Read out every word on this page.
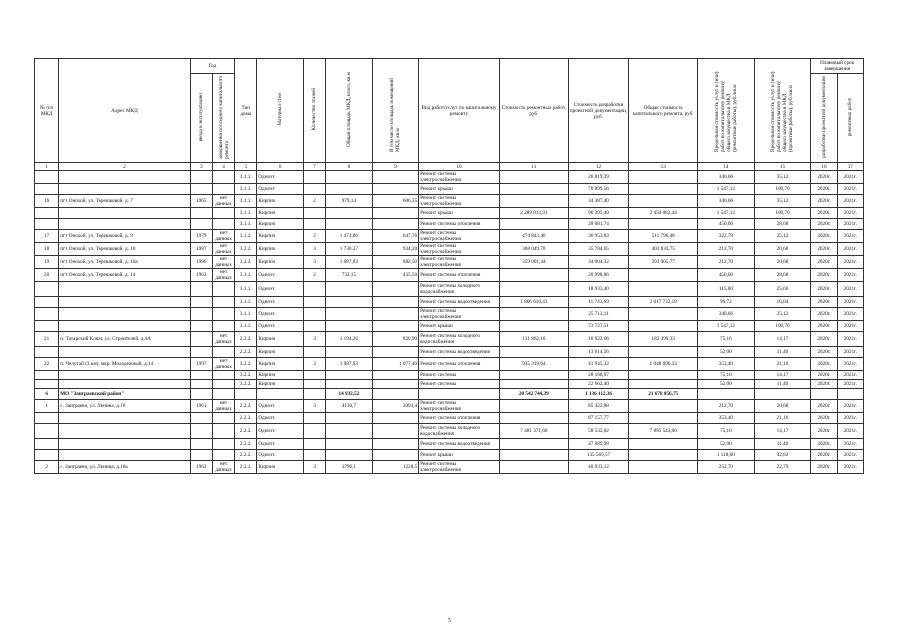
№ п/п МКД	Адрес МКД	Год		Тип дома	Материал стен	Количество этажей	Общая площадь МКД, всего, кв.м	В том числе площадь помещений МКД, кв.м	Вид работ/услуг по капитальному ремонту	Стоимость ремонтных работ, руб.	Стоимость разработки проектной документации, руб.	Общая стоимость капитального ремонта, руб.	Предельная стоимость услуг и (или) работ по капитальному ремонту общего имущества в МКД (ремонтные работы), руб./кв.м	Предельная стоимость услуг и (или) работ по капитальному ремонту общего имущества в МКД (проектные работы), руб./кв.м	Плановый срок завершения	
		ввода в эксплуатацию	завершения последнего капитального ремонта												разработки проектной документации	ремонтных работ
1	2	3	4	5	6	7	8	9	10	11	12	13	14	15	16	17
				3.1.1.	Одноэт.				Ремонт системы электроснабжения		26 819,39		340,66	35,12	2020г.	2021г.
				3.1.1.	Одноэт.				Ремонт крыши		76 899,56		1 547,12	100,70	2020г.	2021г.
16	пгт Онохой, ул. Терешковой, д. 7	1965	нет данных	3.1.1.	Кирпич	2	979,14	606,35	Ремонт системы электроснабжения		34 387,40		340,66	35,12	2020г.	2021г.
				3.1.1.	Кирпич				Ремонт крыши	2 289 013,91	96 395,40	2 450 082,44	1 547,12	100,70	2020г.	2021г.
				3.1.1.	Кирпич				Ремонт системы отопления		28 081,74		450,00	28,68	2020г.	2021г.
17	пгт Онохой, ул. Терешковой, д. 9	1979	нет данных	3.1.2.	Кирпич	2	1 471,06	647,76	Ремонт системы электроснабжения	474 843,46	36 953,03	511 796,48	322,79	25,12	2020г.	2021г.
18	пгт Онохой, ул. Терешковой, д. 10	1987	нет данных	3.2.2.	Кирпич	3	1 730,37	934,20	Ремонт системы электроснабжения	368 049,70	35 784,05	403 833,75	212,70	20,68	2020г.	2021г.
19	пгт Онохой, ул. Терешковой, д. 10а	1990	нет данных	3.2.2.	Кирпич	3	1 687,83	882,50	Ремонт системы электроснабжения	359 001,44	34 904,32	393 905,77	212,70	20,68	2020г.	2021г.
20	пгт Онохой, ул. Терешковой, д. 14	1963	нет данных	3.1.1.	Одноэт.	2	732,15	435,50	Ремонт системы отопления		20 998,06		450,00	28,68	2020г.	2021г.
				3.1.1.	Одноэт.				Ремонт системы холодного водоснабжения		18 933,40		115,00	25,66	2020г.	2021г.
				3.1.1.	Одноэт.				Ремонт системы водоотведения	1 866 616,43	11 743,69	2 017 732,19	96,72	16,04	2020г.	2021г.
				3.1.1.	Одноэт.				Ремонт системы электроснабжения		25 713,11		340,66	35,12	2020г.	2021г.
				3.1.1.	Одноэт.				Ремонт крыши		73 727,51		1 547,12	100,70	2020г.	2021г.
21	п. Татарский Ключ, ул. Строителей, д.4А		нет данных	2.2.2.	Кирпич	3	1 194,26	820,90	Ремонт системы холодного водоснабжения	131 862,10	16 922,66	182 399,33	75,16	14,17	2020г.	2021г.
				2.2.2.	Кирпич				Ремонт системы водоотведения		13 614,56		52,00	11,40	2020г.	2021г.
22	п. Челутай (3 км), мкр. Молодежный, д.14	1997	нет данных	3.2.2.	Кирпич	3	1 987,93	1 077,40	Ремонт системы отопления	935 319,64	41 945,32	1 048 096,33	353,40	21,10	2020г.	2021г.
				3.2.2.	Кирпич				Ремонт системы		28 168,97		75,16	14,17	2020г.	2021г.
				3.2.2.	Кирпич				Ремонт системы		22 662,40		52,00	11,40	2020г.	2021г.
6	МО "Заиграевский район"						14 932,52			20 542 744,39	1 136 112,36	21 678 856,75				
1	с. Заиграево, ул. Ленина, д.18	1961	нет данных	2.2.2.	Одноэт.	3	4130,7	2093,4	Ремонт системы электроснабжения		85 422,88		212,70	20,68	2020г.	2021г.
				2.2.2.	Одноэт.				Ремонт системы отопления		87 157,77		353,40	21,10	2020г.	2021г.
				2.2.2.	Одноэт.				Ремонт системы холодного водоснабжения	7 481 371,68	58 532,02	7 895 543,90	75,16	14,17	2020г.	2021г.
				2.2.2.	Одноэт.				Ремонт системы водоотведения		47 089,98		52,00	11,40	2020г.	2021г.
				2.2.2.	Одноэт.				Ремонт крыши		135 569,57		1 118,00	32,82	2020г.	2021г.
2	с. Заиграево, ул. Ленина, д.18а	1962	нет данных	2.2.1.	Кирпич	3	1796,1	1228,5	Ремонт системы электроснабжения		40 933,12		252,70	22,79	2020г.	2021г.
5
